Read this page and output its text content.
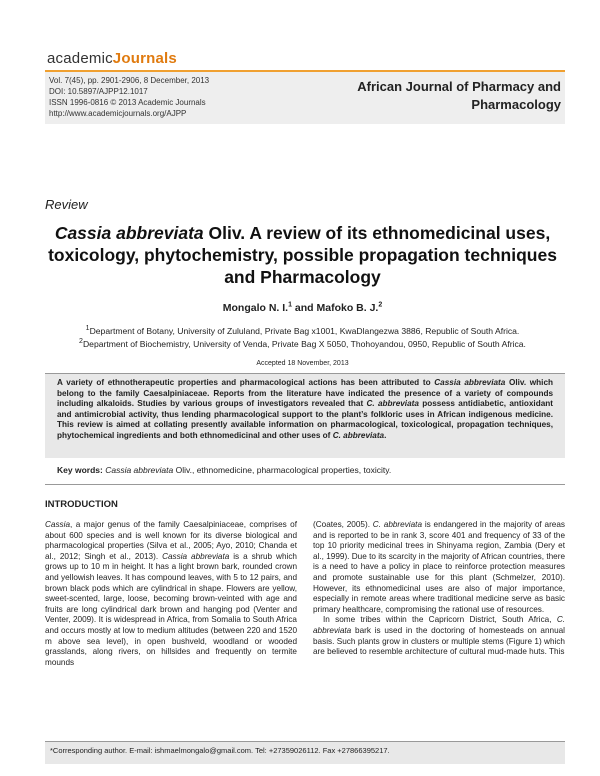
academicJournals
Vol. 7(45), pp. 2901-2906, 8 December, 2013
DOI: 10.5897/AJPP12.1017
ISSN 1996-0816 © 2013 Academic Journals
http://www.academicjournals.org/AJPP
African Journal of Pharmacy and Pharmacology
Review
Cassia abbreviata Oliv. A review of its ethnomedicinal uses, toxicology, phytochemistry, possible propagation techniques and Pharmacology
Mongalo N. I.$^1$ and Mafoko B. J.$^2$
$^1$Department of Botany, University of Zululand, Private Bag x1001, KwaDlangezwa 3886, Republic of South Africa.
$^2$Department of Biochemistry, University of Venda, Private Bag X 5050, Thohoyandou, 0950, Republic of South Africa.
Accepted 18 November, 2013

A variety of ethnotherapeutic properties and pharmacological actions has been attributed to Cassia abbreviata Oliv. which belong to the family Caesalpiniaceae. Reports from the literature have indicated the presence of a variety of compounds including alkaloids. Studies by various groups of investigators revealed that C. abbreviata possess antidiabetic, antioxidant and antimicrobial activity, thus lending pharmacological support to the plant’s folkloric uses in African indigenous medicine. This review is aimed at collating presently available information on pharmacological, toxicological, propagation techniques, phytochemical ingredients and both ethnomedicinal and other uses of C. abbreviata.

Key words: Cassia abbreviata Oliv., ethnomedicine, pharmacological properties, toxicity.
INTRODUCTION

Cassia, a major genus of the family Caesalpiniaceae, comprises of about 600 species and is well known for its diverse biological and pharmacological properties (Silva et al., 2005; Ayo, 2010; Chanda et al., 2012; Singh et al., 2013). Cassia abbreviata is a shrub which grows up to 10 m in height. It has a light brown bark, rounded crown and yellowish leaves. It has compound leaves, with 5 to 12 pairs, and brown black pods which are cylindrical in shape. Flowers are yellow, sweet-scented, large, loose, becoming brown-veinted with age and fruits are long cylindrical dark brown and hanging pod (Venter and Venter, 2009). It is widespread in Africa, from Somalia to South Africa and occurs mostly at low to medium altitudes (between 220 and 1520 m above sea level), in open bushveld, woodland or wooded grasslands, along rivers, on hillsides and frequently on termite mounds

(Coates, 2005). C. abbreviata is endangered in the majority of areas and is reported to be in rank 3, score 401 and frequency of 33 of the top 10 priority medicinal trees in Shinyama region, Zambia (Dery et al., 1999). Due to its scarcity in the majority of African countries, there is a need to have a policy in place to reinforce protection measures and promote sustainable use for this plant (Schmelzer, 2010). However, its ethnomedicinal uses are also of major importance, especially in remote areas where traditional medicine serve as basic primary healthcare, compromising the rational use of resources.

In some tribes within the Capricorn District, South Africa, C. abbreviata bark is used in the doctoring of homesteads on annual basis. Such plants grow in clusters or multiple stems (Figure 1) which are believed to resemble architecture of cultural mud-made huts. This

*Corresponding author. E-mail: ishmaelmongalo@gmail.com. Tel: +27359026112. Fax +27866395217.
